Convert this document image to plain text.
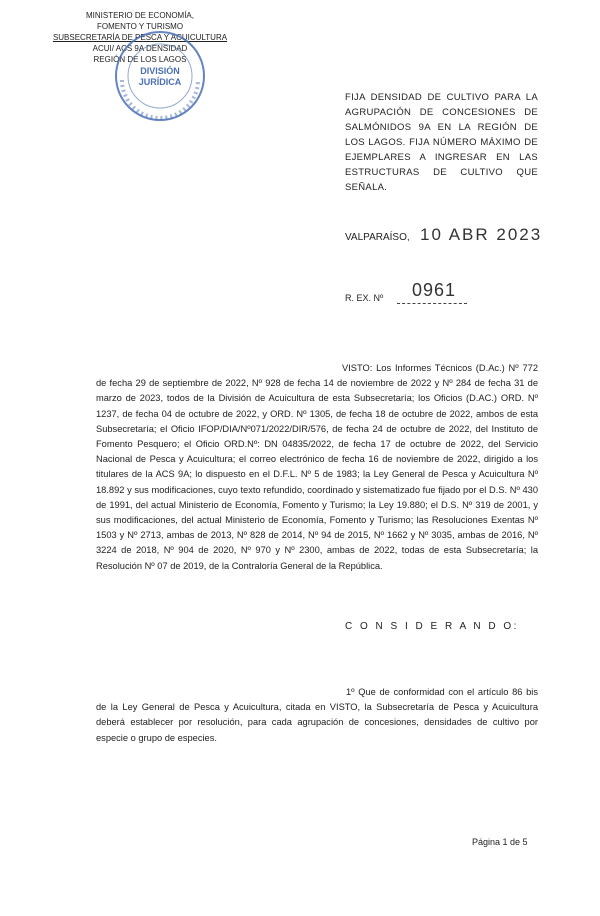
MINISTERIO DE ECONOMÍA,
FOMENTO Y TURISMO
SUBSECRETARÍA DE PESCA Y ACUICULTURA
ACUI/ ACS 9A DENSIDAD
REGIÓN DE LOS LAGOS
DIVISIÓN
JURÍDICA
FIJA DENSIDAD DE CULTIVO PARA LA AGRUPACIÓN DE CONCESIONES DE SALMÓNIDOS 9A EN LA REGIÓN DE LOS LAGOS. FIJA NÚMERO MÁXIMO DE EJEMPLARES A INGRESAR EN LAS ESTRUCTURAS DE CULTIVO QUE SEÑALA.
VALPARAÍSO, 10 ABR 2023
R. EX. Nº 0961

VISTO: Los Informes Técnicos (D.Ac.) Nº 772 de fecha 29 de septiembre de 2022, Nº 928 de fecha 14 de noviembre de 2022 y Nº 284 de fecha 31 de marzo de 2023, todos de la División de Acuicultura de esta Subsecretaría; los Oficios (D.AC.) ORD. Nº 1237, de fecha 04 de octubre de 2022, y ORD. Nº 1305, de fecha 18 de octubre de 2022, ambos de esta Subsecretaría; el Oficio IFOP/DIA/Nº071/2022/DIR/576, de fecha 24 de octubre de 2022, del Instituto de Fomento Pesquero; el Oficio ORD.Nº: DN 04835/2022, de fecha 17 de octubre de 2022, del Servicio Nacional de Pesca y Acuicultura; el correo electrónico de fecha 16 de noviembre de 2022, dirigido a los titulares de la ACS 9A; lo dispuesto en el D.F.L. Nº 5 de 1983; la Ley General de Pesca y Acuicultura Nº 18.892 y sus modificaciones, cuyo texto refundido, coordinado y sistematizado fue fijado por el D.S. Nº 430 de 1991, del actual Ministerio de Economía, Fomento y Turismo; la Ley 19.880; el D.S. Nº 319 de 2001, y sus modificaciones, del actual Ministerio de Economía, Fomento y Turismo; las Resoluciones Exentas Nº 1503 y Nº 2713, ambas de 2013, Nº 828 de 2014, Nº 94 de 2015, Nº 1662 y Nº 3035, ambas de 2016, Nº 3224 de 2018, Nº 904 de 2020, Nº 970 y Nº 2300, ambas de 2022, todas de esta Subsecretaría; la Resolución Nº 07 de 2019, de la Contraloría General de la República.

C O N S I D E R A N D O:

1º Que de conformidad con el artículo 86 bis de la Ley General de Pesca y Acuicultura, citada en VISTO, la Subsecretaría de Pesca y Acuicultura deberá establecer por resolución, para cada agrupación de concesiones, densidades de cultivo por especie o grupo de especies.

Página 1 de 5
